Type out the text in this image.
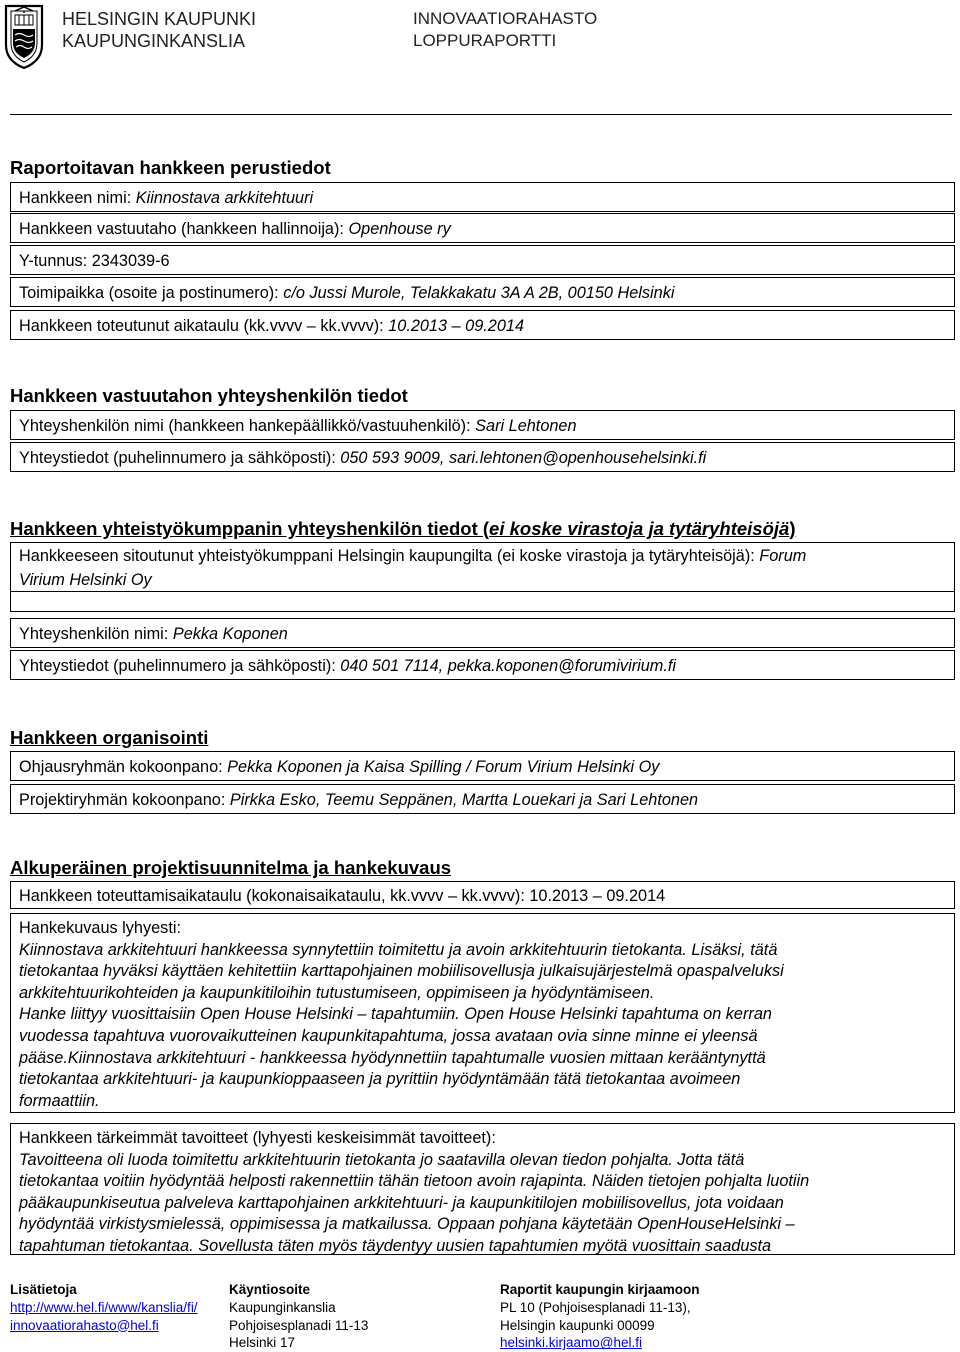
HELSINGIN KAUPUNKI
KAUPUNGINKANSLIA
INNOVAATIORAHASTO
LOPPURAPORTTI
Raportoitavan hankkeen perustiedot
Hankkeen nimi: Kiinnostava arkkitehtuuri
Hankkeen vastuutaho (hankkeen hallinnoija): Openhouse ry
Y-tunnus: 2343039-6
Toimipaikka (osoite ja postinumero): c/o Jussi Murole, Telakkakatu 3A A 2B, 00150 Helsinki
Hankkeen toteutunut aikataulu (kk.vvvv – kk.vvvv): 10.2013 – 09.2014
Hankkeen vastuutahon yhteyshenkilön tiedot
Yhteyshenkilön nimi (hankkeen hankepäällikkö/vastuuhenkilö): Sari Lehtonen
Yhteystiedot (puhelinnumero ja sähköposti): 050 593 9009, sari.lehtonen@openhousehelsinki.fi
Hankkeen yhteistyökumppanin yhteyshenkilön tiedot (ei koske virastoja ja tytäryhteisöjä)
Hankkeeseen sitoutunut yhteistyökumppani Helsingin kaupungilta (ei koske virastoja ja tytäryhteisöjä): Forum
Virium Helsinki Oy
Yhteyshenkilön nimi: Pekka Koponen
Yhteystiedot (puhelinnumero ja sähköposti): 040 501 7114, pekka.koponen@forumivirium.fi
Hankkeen organisointi
Ohjausryhmän kokoonpano: Pekka Koponen ja Kaisa Spilling / Forum Virium Helsinki Oy
Projektiryhmän kokoonpano: Pirkka Esko, Teemu Seppänen, Martta Louekari ja Sari Lehtonen
Alkuperäinen projektisuunnitelma ja hankekuvaus
Hankkeen toteuttamisaikataulu (kokonaisaikataulu, kk.vvvv – kk.vvvv): 10.2013 – 09.2014
Hankekuvaus lyhyesti:
Kiinnostava arkkitehtuuri hankkeessa synnytettiin toimitettu ja avoin arkkitehtuurin tietokanta. Lisäksi, tätä
tietokantaa hyväksi käyttäen kehitettiin karttapohjainen mobiilisovellusja julkaisujärjestelmä opaspalveluksi
arkkitehtuurikohteiden ja kaupunkitiloihin tutustumiseen, oppimiseen ja hyödyntämiseen.
Hanke liittyy vuosittaisiin Open House Helsinki – tapahtumiin. Open House Helsinki tapahtuma on kerran
vuodessa tapahtuva vuorovaikutteinen kaupunkitapahtuma, jossa avataan ovia sinne minne ei yleensä
pääse.Kiinnostava arkkitehtuuri - hankkeessa hyödynnettiin tapahtumalle vuosien mittaan kerääntynyttä
tietokantaa arkkitehtuuri- ja kaupunkioppaaseen ja pyrittiin hyödyntämään tätä tietokantaa avoimeen
formaattiin.
Hankkeen tärkeimmät tavoitteet (lyhyesti keskeisimmät tavoitteet):
Tavoitteena oli luoda toimitettu arkkitehtuurin tietokanta jo saatavilla olevan tiedon pohjalta. Jotta tätä
tietokantaa voitiin hyödyntää helposti rakennettiin tähän tietoon avoin rajapinta. Näiden tietojen pohjalta luotiin
pääkaupunkiseutua palveleva karttapohjainen arkkitehtuuri- ja kaupunkitilojen mobiilisovellus, jota voidaan
hyödyntää virkistysmielessä, oppimisessa ja matkailussa. Oppaan pohjana käytetään OpenHouseHelsinki –
tapahtuman tietokantaa. Sovellusta täten myös täydentyy uusien tapahtumien myötä vuosittain saadusta
Lisätietoja
http://www.hel.fi/www/kanslia/fi/
innovaatiorahasto@hel.fi
Käyntiosoite
Kaupunginkanslia
Pohjoisesplanadi 11-13
Helsinki 17
Raportit kaupungin kirjaamoon
PL 10 (Pohjoisesplanadi 11-13),
Helsingin kaupunki 00099
helsinki.kirjaamo@hel.fi
